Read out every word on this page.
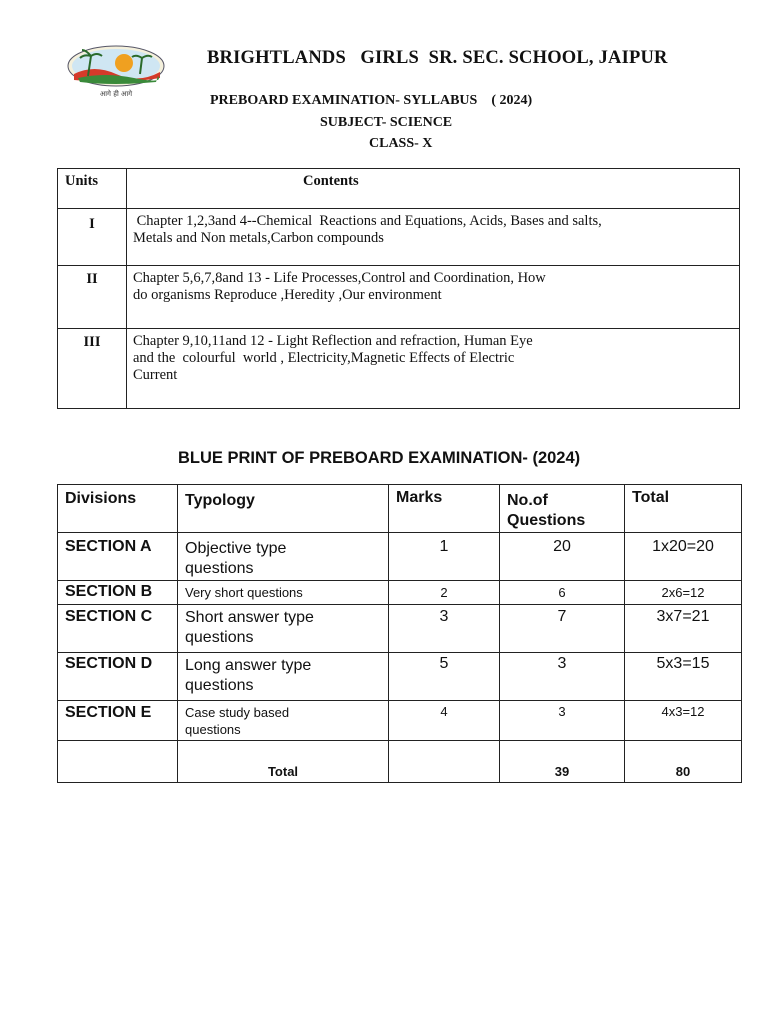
आगे ही आगे
BRIGHTLANDS   GIRLS  SR. SEC. SCHOOL, JAIPUR
PREBOARD EXAMINATION- SYLLABUS    ( 2024)
SUBJECT- SCIENCE
CLASS- X
Units	Contents
I	Chapter 1,2,3and 4--Chemical  Reactions and Equations, Acids, Bases and salts,
Metals and Non metals,Carbon compounds

II	Chapter 5,6,7,8and 13 - Life Processes,Control and Coordination, How
do organisms Reproduce ,Heredity ,Our environment

III	Chapter 9,10,11and 12 - Light Reflection and refraction, Human Eye
and the  colourful  world , Electricity,Magnetic Effects of Electric
Current
BLUE PRINT OF PREBOARD EXAMINATION- (2024)
Divisions	Typology	Marks	No.of
Questions	Total
SECTION A	Objective type
questions	1	20	1x20=20
SECTION B	Very short questions	2	6	2x6=12
SECTION C	Short answer type
questions	3	7	3x7=21
SECTION D	Long answer type
questions	5	3	5x3=15
SECTION E	Case study based
questions	4	3	4x3=12
	Total		39	80
